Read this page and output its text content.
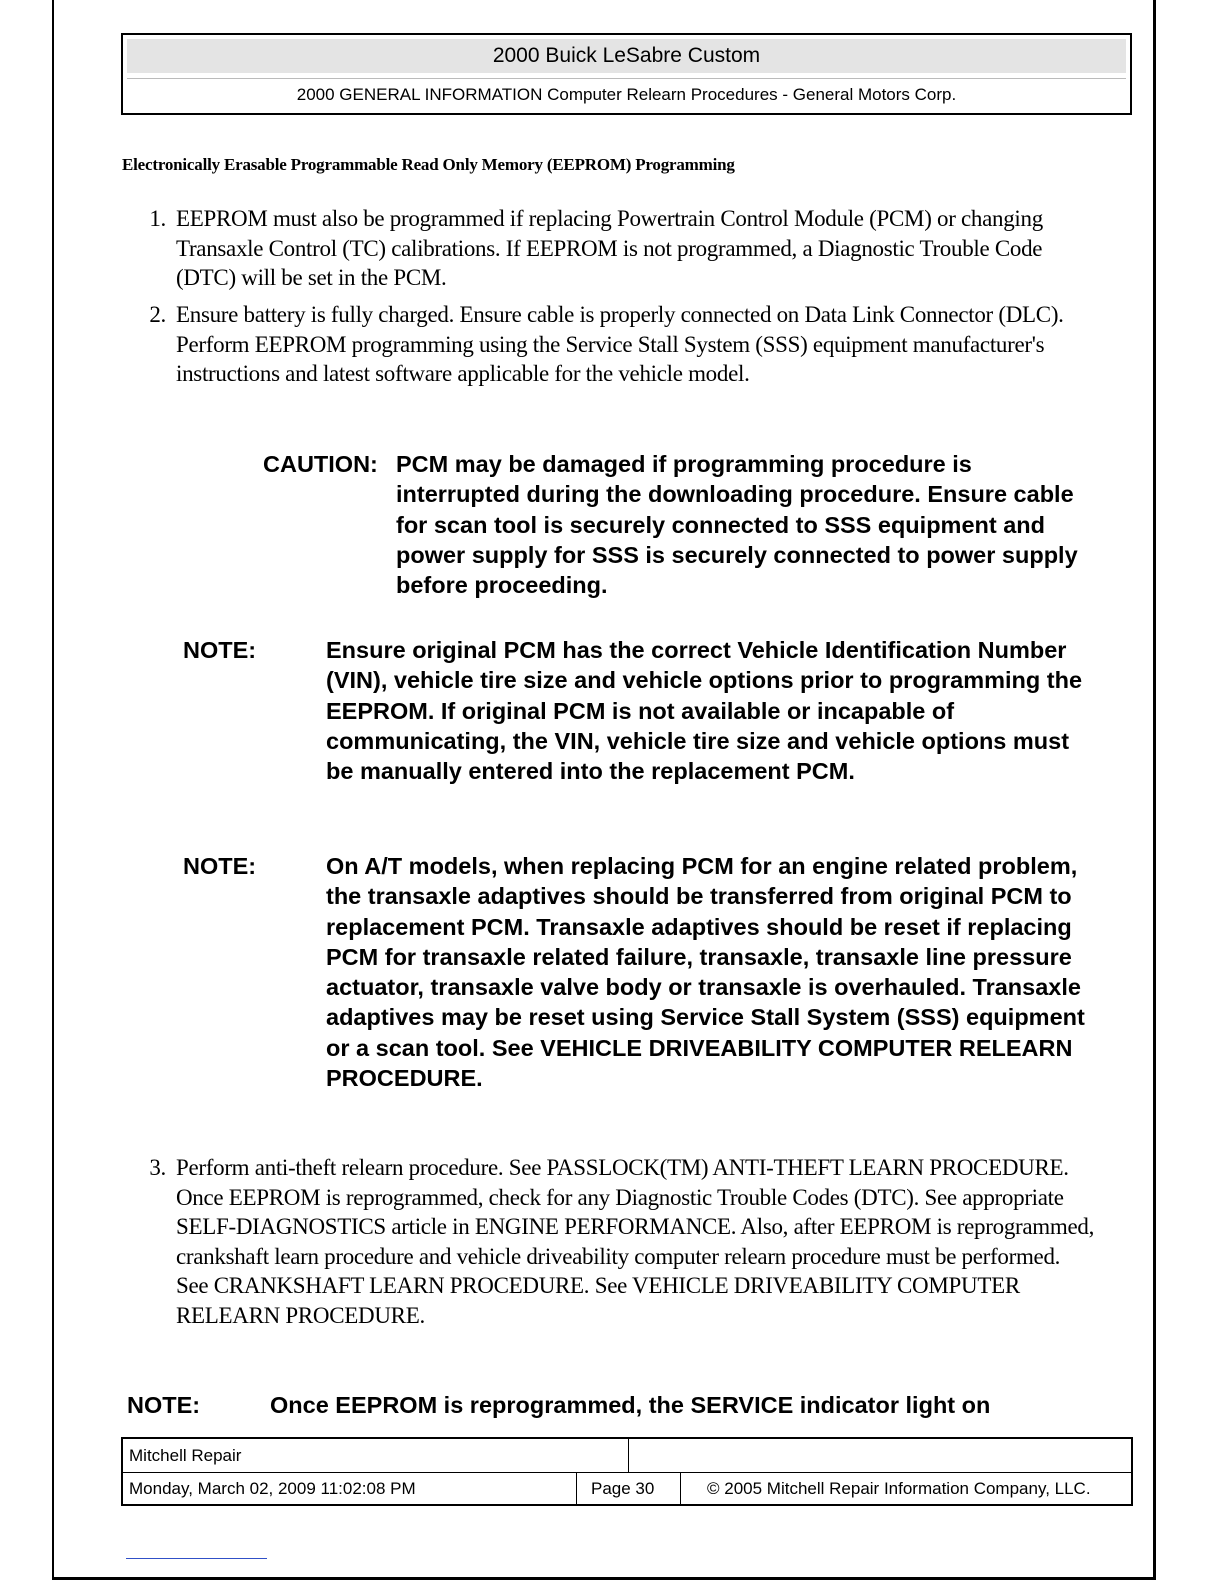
2000 Buick LeSabre Custom
2000 GENERAL INFORMATION Computer Relearn Procedures - General Motors Corp.
Electronically Erasable Programmable Read Only Memory (EEPROM) Programming
1. EEPROM must also be programmed if replacing Powertrain Control Module (PCM) or changing Transaxle Control (TC) calibrations. If EEPROM is not programmed, a Diagnostic Trouble Code (DTC) will be set in the PCM.
2. Ensure battery is fully charged. Ensure cable is properly connected on Data Link Connector (DLC). Perform EEPROM programming using the Service Stall System (SSS) equipment manufacturer's instructions and latest software applicable for the vehicle model.
CAUTION: PCM may be damaged if programming procedure is interrupted during the downloading procedure. Ensure cable for scan tool is securely connected to SSS equipment and power supply for SSS is securely connected to power supply before proceeding.
NOTE:	Ensure original PCM has the correct Vehicle Identification Number (VIN), vehicle tire size and vehicle options prior to programming the EEPROM. If original PCM is not available or incapable of communicating, the VIN, vehicle tire size and vehicle options must be manually entered into the replacement PCM.
NOTE:	On A/T models, when replacing PCM for an engine related problem, the transaxle adaptives should be transferred from original PCM to replacement PCM. Transaxle adaptives should be reset if replacing PCM for transaxle related failure, transaxle, transaxle line pressure actuator, transaxle valve body or transaxle is overhauled. Transaxle adaptives may be reset using Service Stall System (SSS) equipment or a scan tool. See VEHICLE DRIVEABILITY COMPUTER RELEARN PROCEDURE.
3. Perform anti-theft relearn procedure. See PASSLOCK(TM) ANTI-THEFT LEARN PROCEDURE. Once EEPROM is reprogrammed, check for any Diagnostic Trouble Codes (DTC). See appropriate SELF-DIAGNOSTICS article in ENGINE PERFORMANCE. Also, after EEPROM is reprogrammed, crankshaft learn procedure and vehicle driveability computer relearn procedure must be performed. See CRANKSHAFT LEARN PROCEDURE. See VEHICLE DRIVEABILITY COMPUTER RELEARN PROCEDURE.
NOTE:	Once EEPROM is reprogrammed, the SERVICE indicator light on
Mitchell Repair
Monday, March 02, 2009 11:02:08 PM	Page 30	© 2005 Mitchell Repair Information Company, LLC.
